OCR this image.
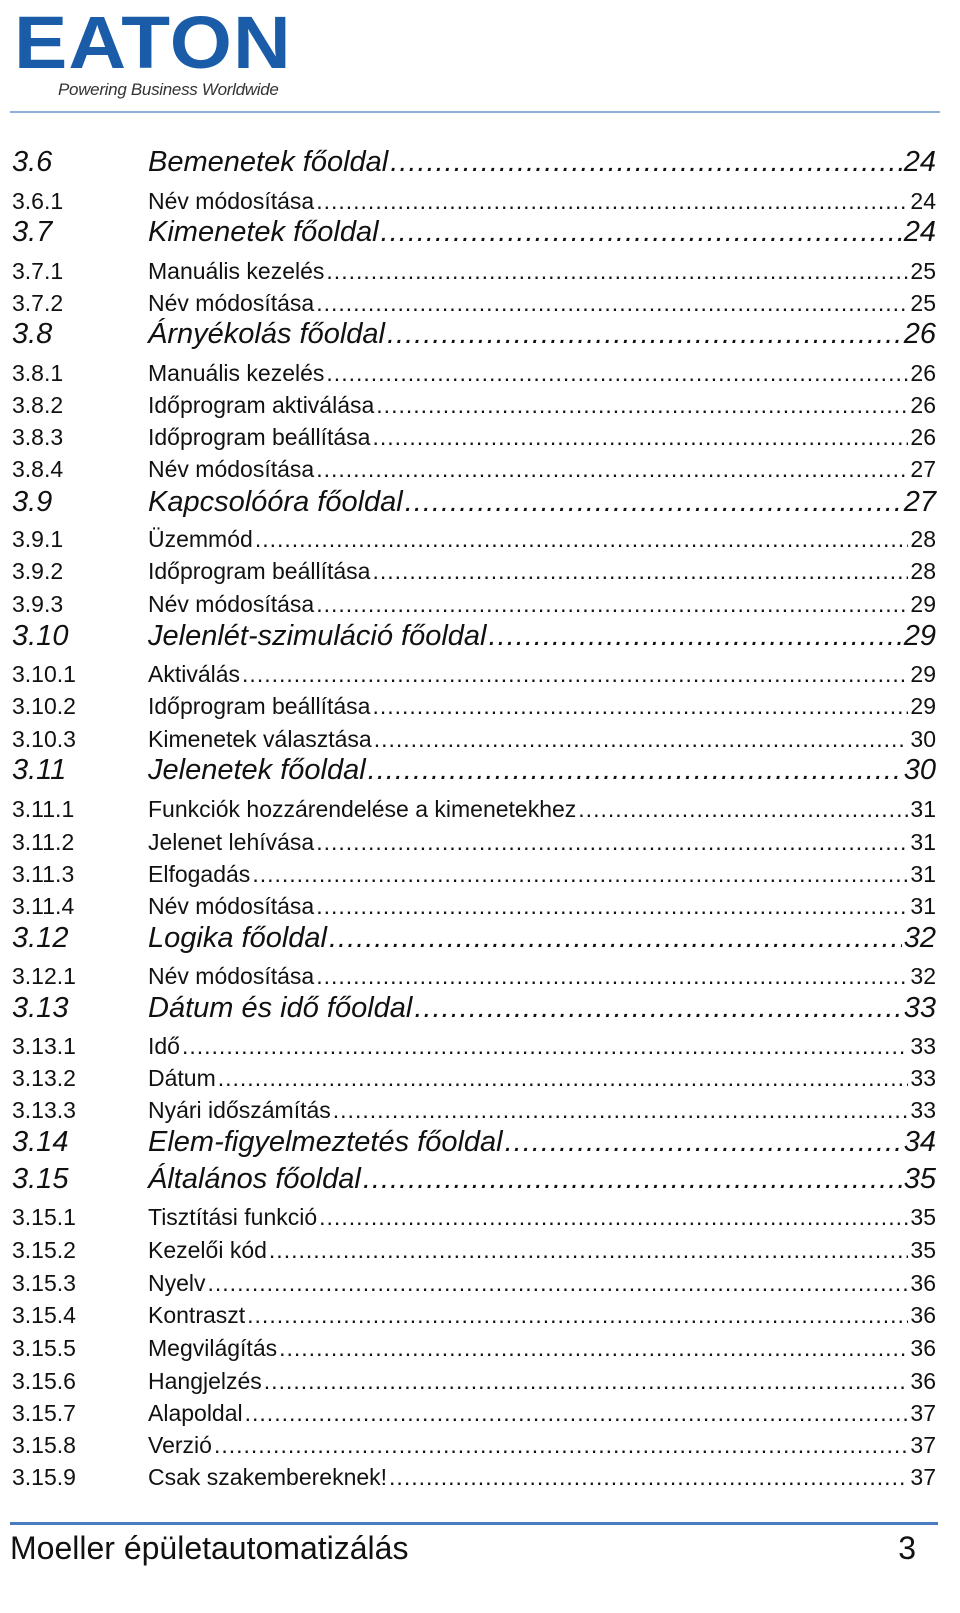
EATON
Powering Business Worldwide
3.6	Bemenetek főoldal .....	24
3.6.1	Név módosítása .....	24
3.7	Kimenetek főoldal .....	24
3.7.1	Manuális kezelés .....	25
3.7.2	Név módosítása .....	25
3.8	Árnyékolás főoldal .....	26
3.8.1	Manuális kezelés .....	26
3.8.2	Időprogram aktiválása .....	26
3.8.3	Időprogram beállítása .....	26
3.8.4	Név módosítása .....	27
3.9	Kapcsolóóra főoldal .....	27
3.9.1	Üzemmód .....	28
3.9.2	Időprogram beállítása .....	28
3.9.3	Név módosítása .....	29
3.10	Jelenlét-szimuláció főoldal .....	29
3.10.1	Aktiválás .....	29
3.10.2	Időprogram beállítása .....	29
3.10.3	Kimenetek választása .....	30
3.11	Jelenetek főoldal .....	30
3.11.1	Funkciók hozzárendelése a kimenetekhez .....	31
3.11.2	Jelenet lehívása .....	31
3.11.3	Elfogadás .....	31
3.11.4	Név módosítása .....	31
3.12	Logika főoldal .....	32
3.12.1	Név módosítása .....	32
3.13	Dátum és idő főoldal .....	33
3.13.1	Idő .....	33
3.13.2	Dátum .....	33
3.13.3	Nyári időszámítás .....	33
3.14	Elem-figyelmeztetés főoldal .....	34
3.15	Általános főoldal .....	35
3.15.1	Tisztítási funkció .....	35
3.15.2	Kezelői kód .....	35
3.15.3	Nyelv .....	36
3.15.4	Kontraszt .....	36
3.15.5	Megvilágítás .....	36
3.15.6	Hangjelzés .....	36
3.15.7	Alapoldal .....	37
3.15.8	Verzió .....	37
3.15.9	Csak szakembereknek! .....	37
Moeller épületautomatizálás	3
